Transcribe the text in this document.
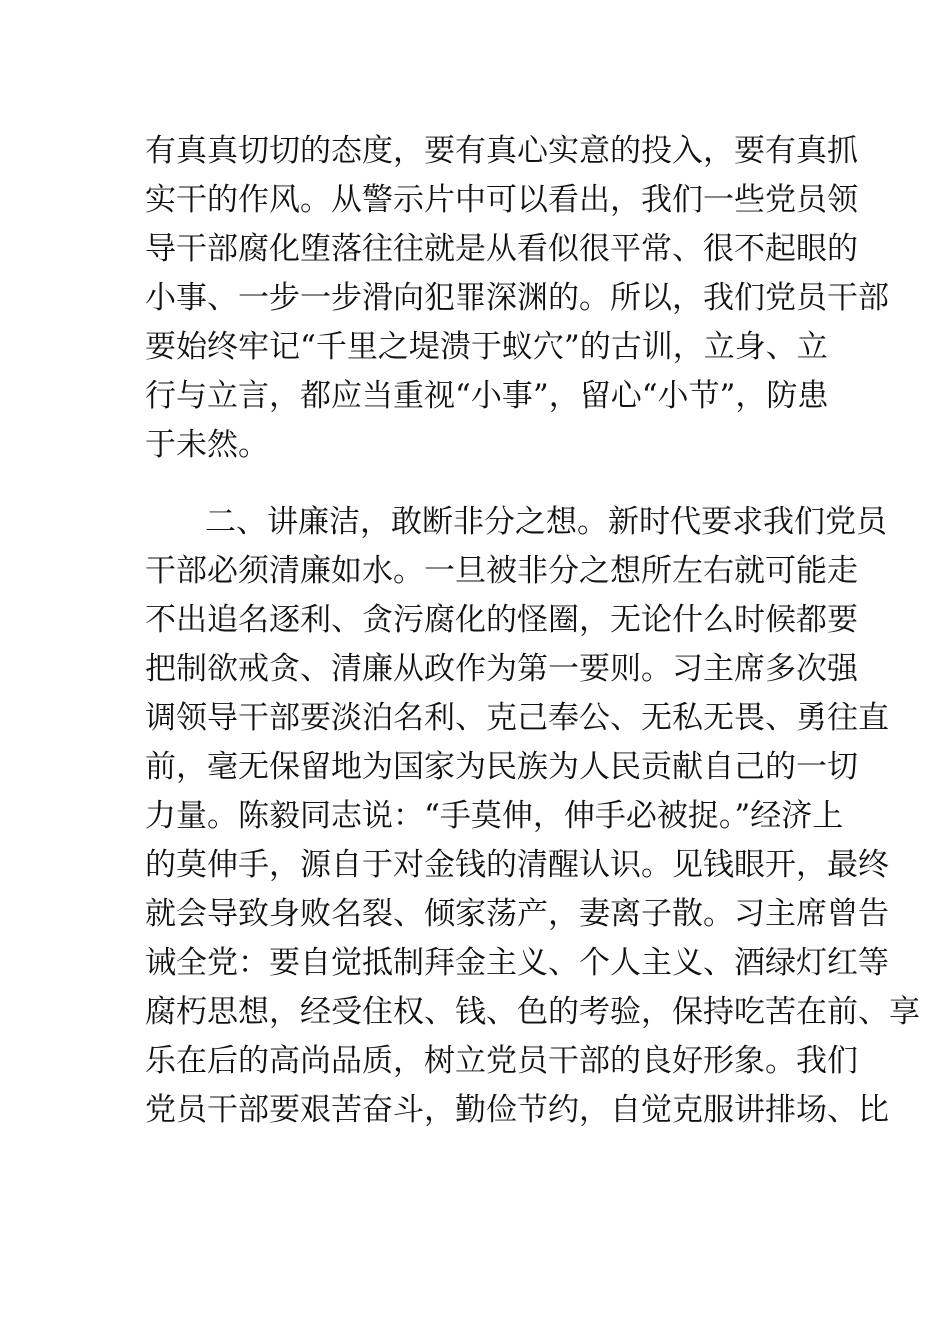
有真真切切的态度，要有真心实意的投入，要有真抓
实干的作风。从警示片中可以看出，我们一些党员领
导干部腐化堕落往往就是从看似很平常、很不起眼的
小事、一步一步滑向犯罪深渊的。所以，我们党员干部
要始终牢记“千里之堤溃于蚁穴”的古训，立身、立
行与立言，都应当重视“小事”，留心“小节”，防患
于未然。
二、讲廉洁，敢断非分之想。新时代要求我们党员
干部必须清廉如水。一旦被非分之想所左右就可能走
不出追名逐利、贪污腐化的怪圈，无论什么时候都要
把制欲戒贪、清廉从政作为第一要则。习主席多次强
调领导干部要淡泊名利、克己奉公、无私无畏、勇往直
前，毫无保留地为国家为民族为人民贡献自己的一切
力量。陈毅同志说：“手莫伸，伸手必被捉。”经济上
的莫伸手，源自于对金钱的清醒认识。见钱眼开，最终
就会导致身败名裂、倾家荡产，妻离子散。习主席曾告
诫全党：要自觉抵制拜金主义、个人主义、酒绿灯红等
腐朽思想，经受住权、钱、色的考验，保持吃苦在前、享
乐在后的高尚品质，树立党员干部的良好形象。我们
党员干部要艰苦奋斗，勤俭节约，自觉克服讲排场、比
